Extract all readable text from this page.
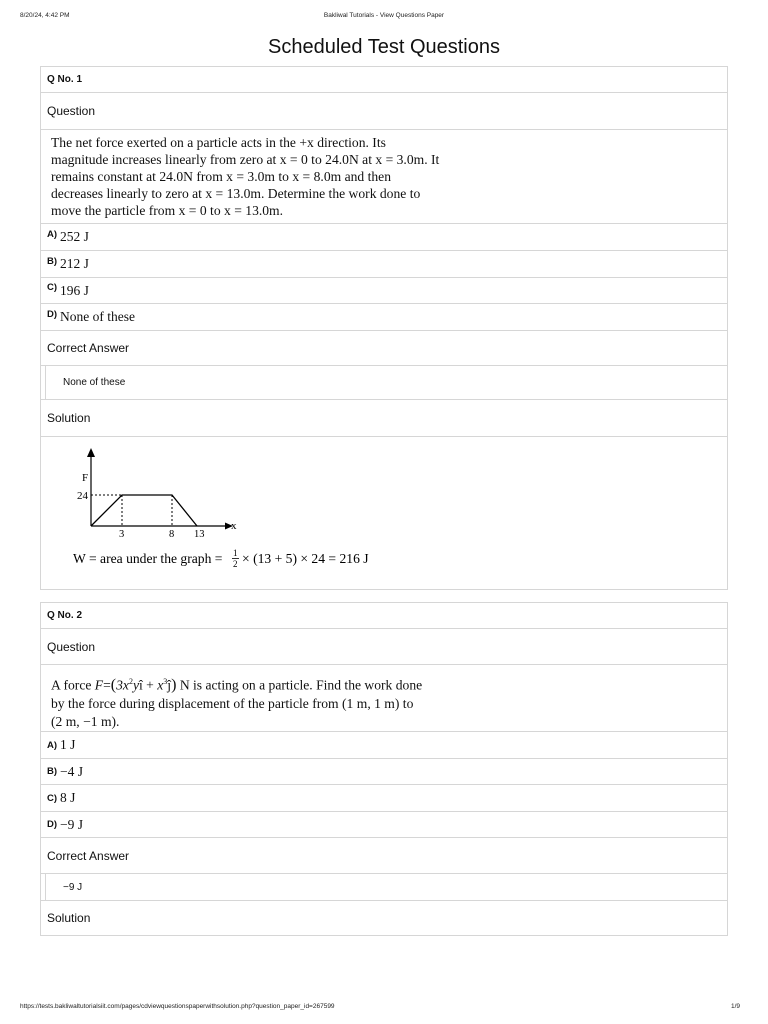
8/20/24, 4:42 PM	Bakliwal Tutorials - View Questions Paper
Scheduled Test Questions
Q No. 1
Question
The net force exerted on a particle acts in the +x direction. Its
magnitude increases linearly from zero at x = 0 to 24.0N at x = 3.0m. It
remains constant at 24.0N from x = 3.0m to x = 8.0m and then
decreases linearly to zero at x = 13.0m. Determine the work done to
move the particle from x = 0 to x = 13.0m.
A) 252 J
B) 212 J
C) 196 J
D) None of these
Correct Answer
None of these
Solution
F
24
x
3	8 13
W = area under the graph = 1
2 × (13 + 5) × 24 = 216 J
Q No. 2
Question
A force $F=(3x^2yî$ + $x^3ĵ$) N is acting on a particle. Find the work done
by the force during displacement of the particle from (1 m, 1 m) to
(2 m, −1 m).
A) 1 J
B) −4 J
C) 8 J
D) −9 J
Correct Answer
−9 J
Solution
https://tests.bakliwaltutorialsiit.com/pages/cdviewquestionspaperwithsolution.php?question_paper_id=267599	1/9
